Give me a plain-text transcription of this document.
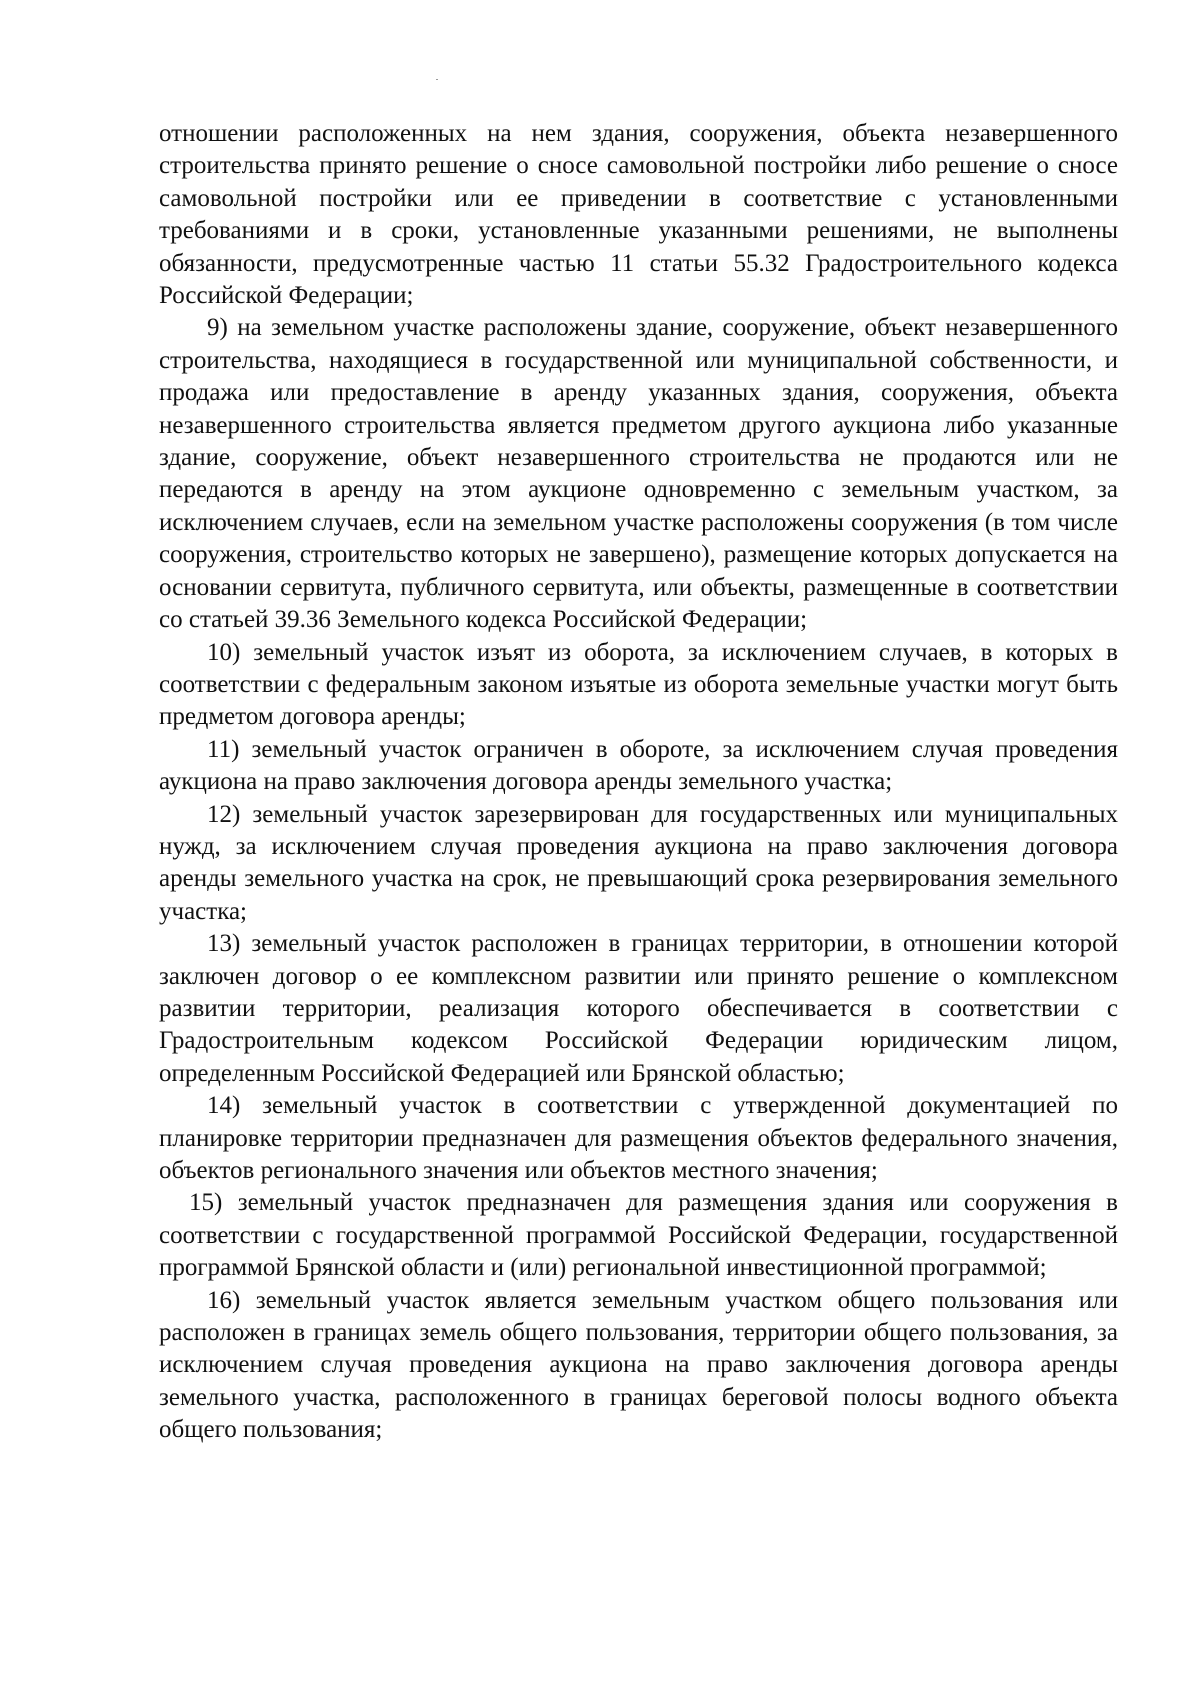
отношении расположенных на нем здания, сооружения, объекта незавершенного строительства принято решение о сносе самовольной постройки либо решение о сносе самовольной постройки или ее приведении в соответствие с установленными требованиями и в сроки, установленные указанными решениями, не выполнены обязанности, предусмотренные частью 11 статьи 55.32 Градостроительного кодекса Российской Федерации;

9) на земельном участке расположены здание, сооружение, объект незавершенного строительства, находящиеся в государственной или муниципальной собственности, и продажа или предоставление в аренду указанных здания, сооружения, объекта незавершенного строительства является предметом другого аукциона либо указанные здание, сооружение, объект незавершенного строительства не продаются или не передаются в аренду на этом аукционе одновременно с земельным участком, за исключением случаев, если на земельном участке расположены сооружения (в том числе сооружения, строительство которых не завершено), размещение которых допускается на основании сервитута, публичного сервитута, или объекты, размещенные в соответствии со статьей 39.36 Земельного кодекса Российской Федерации;

10) земельный участок изъят из оборота, за исключением случаев, в которых в соответствии с федеральным законом изъятые из оборота земельные участки могут быть предметом договора аренды;

11) земельный участок ограничен в обороте, за исключением случая проведения аукциона на право заключения договора аренды земельного участка;

12) земельный участок зарезервирован для государственных или муниципальных нужд, за исключением случая проведения аукциона на право заключения договора аренды земельного участка на срок, не превышающий срока резервирования земельного участка;

13) земельный участок расположен в границах территории, в отношении которой заключен договор о ее комплексном развитии или принято решение о комплексном развитии территории, реализация которого обеспечивается в соответствии с Градостроительным кодексом Российской Федерации юридическим лицом, определенным Российской Федерацией или Брянской областью;

14) земельный участок в соответствии с утвержденной документацией по планировке территории предназначен для размещения объектов федерального значения, объектов регионального значения или объектов местного значения;

15) земельный участок предназначен для размещения здания или сооружения в соответствии с государственной программой Российской Федерации, государственной программой Брянской области и (или) региональной инвестиционной программой;

16) земельный участок является земельным участком общего пользования или расположен в границах земель общего пользования, территории общего пользования, за исключением случая проведения аукциона на право заключения договора аренды земельного участка, расположенного в границах береговой полосы водного объекта общего пользования;
